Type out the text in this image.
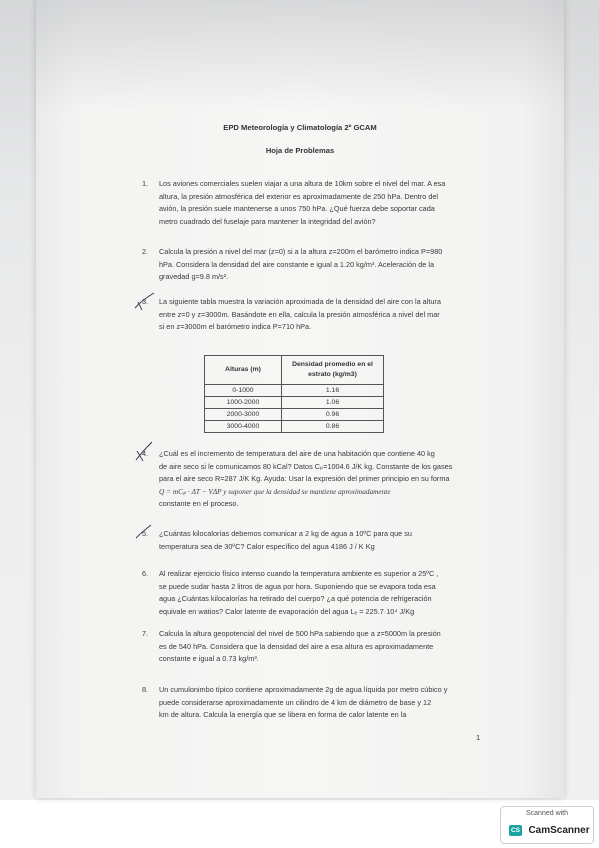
EPD Meteorología y Climatología 2º GCAM
Hoja de Problemas
1. Los aviones comerciales suelen viajar a una altura de 10km sobre el nivel del mar. A esa
altura, la presión atmosférica del exterior es aproximadamente de 250 hPa. Dentro del
avión, la presión suele mantenerse a unos 750 hPa. ¿Qué fuerza debe soportar cada
metro cuadrado del fuselaje para mantener la integridad del avión?
2. Calcula la presión a nivel del mar (z=0) si a la altura z=200m el barómetro indica P=980
hPa. Considera la densidad del aire constante e igual a 1.20 kg/m³. Aceleración de la
gravedad g=9.8 m/s².
3. La siguiente tabla muestra la variación aproximada de la densidad del aire con la altura
entre z=0 y z=3000m. Basándote en ella, calcula la presión atmosférica a nivel del mar
si en z=3000m el barómetro indica P=710 hPa.
Alturas (m)	Densidad promedio en el estrato (kg/m3)
0-1000	1.16
1000-2000	1.06
2000-3000	0.96
3000-4000	0.86
4. ¿Cuál es el incremento de temperatura del aire de una habitación que contiene 40 kg
de aire seco si le comunicamos 80 kCal? Datos Cₚ=1004.6 J/K kg. Constante de los gases
para el aire seco R=287 J/K Kg. Ayuda: Usar la expresión del primer principio en su forma
Q = mCₚ · ΔT − VΔP y suponer que la densidad se mantiene aproximadamente
constante en el proceso.
5. ¿Cuántas kilocalorías debemos comunicar a 2 kg de agua a 10ºC para que su
temperatura sea de 30ºC? Calor específico del agua 4186 J / K Kg
6. Al realizar ejercicio físico intenso cuando la temperatura ambiente es superior a 25ºC ,
se puede sudar hasta 2 litros de agua por hora. Suponiendo que se evapora toda esa
agua ¿Cuántas kilocalorías ha retirado del cuerpo? ¿a qué potencia de refrigeración
equivale en watios? Calor latente de evaporación del agua Lₑ = 225.7·10⁴ J/Kg
7. Calcula la altura geopotencial del nivel de 500 hPa sabiendo que a z=5000m la presión
es de 540 hPa. Considera que la densidad del aire a esa altura es aproximadamente
constante e igual a 0.73 kg/m³.
8. Un cumulonimbo típico contiene aproximadamente 2g de agua líquida por metro cúbico y
puede considerarse aproximadamente un cilindro de 4 km de diámetro de base y 12
km de altura. Calcula la energía que se libera en forma de calor latente en la
1
Scanned with
CS CamScanner
